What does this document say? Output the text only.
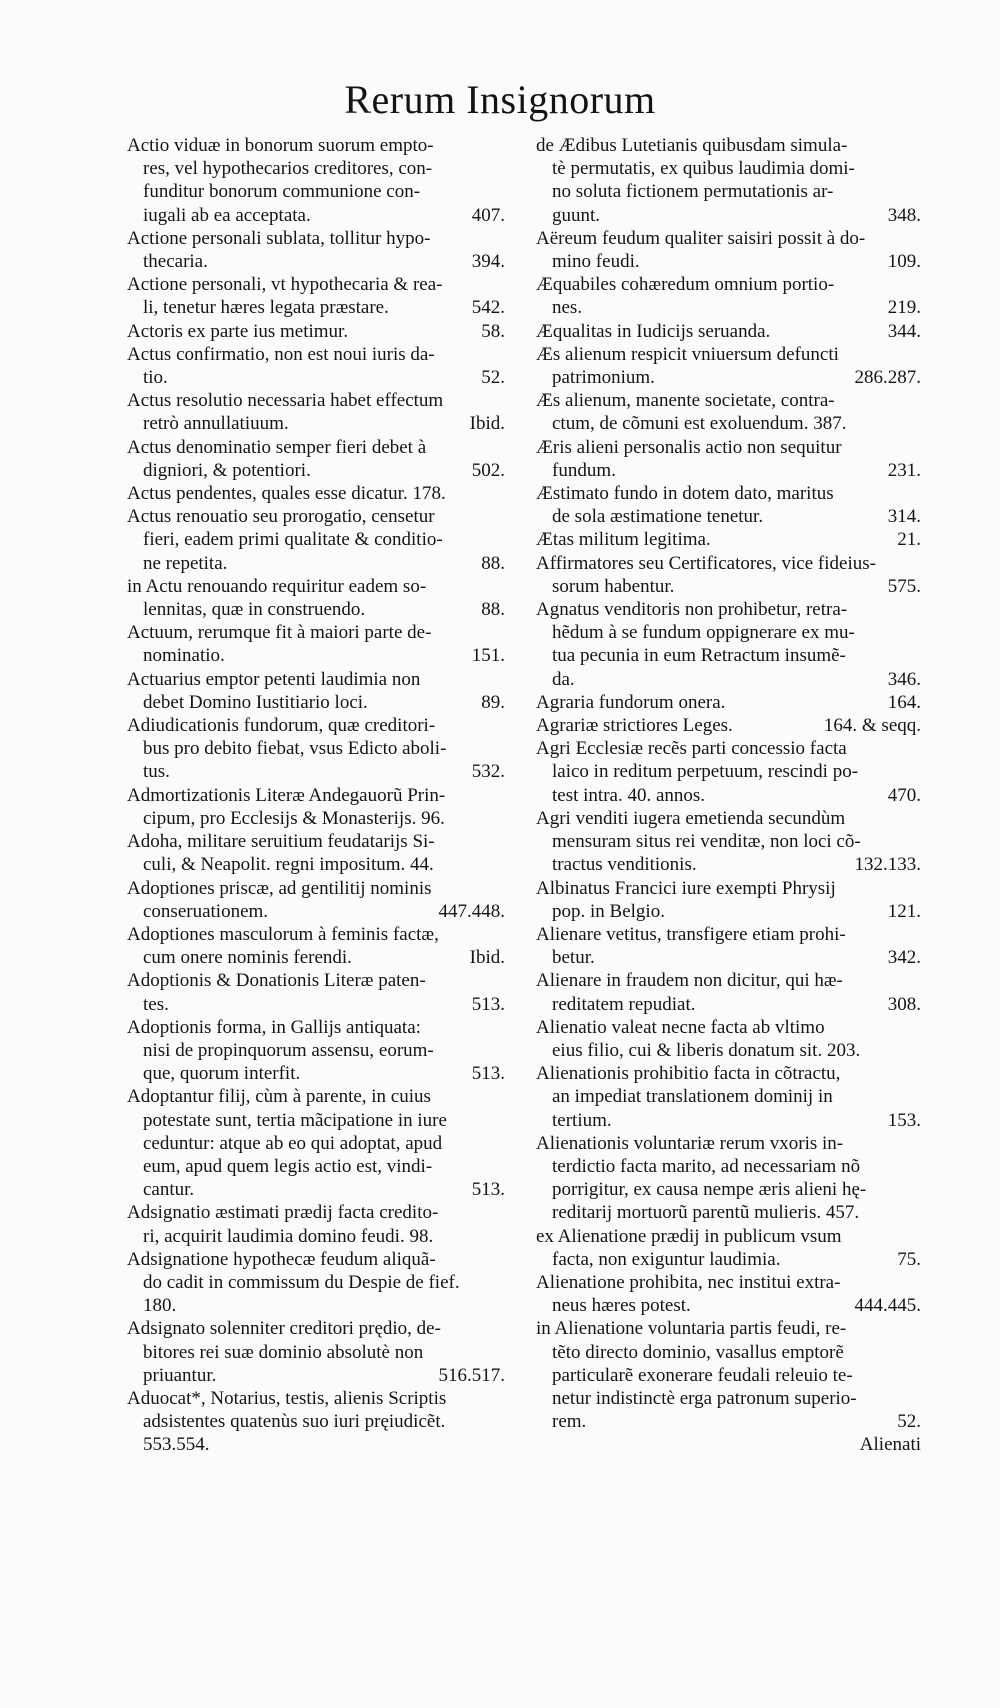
Rerum Insignorum
Actio viduæ in bonorum suorum empto-
res, vel hypothecarios creditores, con-
funditur bonorum communione con-
iugali ab ea acceptata.	407.
Actione personali sublata, tollitur hypo-
thecaria.	394.
Actione personali, vt hypothecaria & rea-
li, tenetur hæres legata præstare.	542.
Actoris ex parte ius metimur.	58.
Actus confirmatio, non est noui iuris da-
tio.	52.
Actus resolutio necessaria habet effectum
retrò annullatiuum.	Ibid.
Actus denominatio semper fieri debet à
digniori, & potentiori.	502.
Actus pendentes, quales esse dicatur. 178.
Actus renouatio seu prorogatio, censetur
fieri, eadem primi qualitate & conditio-
ne repetita.	88.
in Actu renouando requiritur eadem so-
lennitas, quæ in construendo.	88.
Actuum, rerumque fit à maiori parte de-
nominatio.	151.
Actuarius emptor petenti laudimia non
debet Domino Iustitiario loci.	89.
Adiudicationis fundorum, quæ creditori-
bus pro debito fiebat, vsus Edicto aboli-
tus.	532.
Admortizationis Literæ Andegauorũ Prin-
cipum, pro Ecclesijs & Monasterijs. 96.
Adoha, militare seruitium feudatarijs Si-
culi, & Neapolit. regni impositum. 44.
Adoptiones priscæ, ad gentilitij nominis
conseruationem.	447.448.
Adoptiones masculorum à feminis factæ,
cum onere nominis ferendi.	Ibid.
Adoptionis & Donationis Literæ paten-
tes.	513.
Adoptionis forma, in Gallijs antiquata:
nisi de propinquorum assensu, eorum-
que, quorum interfit.	513.
Adoptantur filij, cùm à parente, in cuius
potestate sunt, tertia mãcipatione in iure
ceduntur: atque ab eo qui adoptat, apud
eum, apud quem legis actio est, vindi-
cantur.	513.
Adsignatio æstimati prædij facta credito-
ri, acquirit laudimia domino feudi. 98.
Adsignatione hypothecæ feudum aliquã-
do cadit in commissum du Despie de fief.
180.
Adsignato solenniter creditori prędio, de-
bitores rei suæ dominio absolutè non
priuantur.	516.517.
Aduocat*, Notarius, testis, alienis Scriptis
adsistentes quatenùs suo iuri pręiudicẽt.
553.554.
de Ædibus Lutetianis quibusdam simula-
tè permutatis, ex quibus laudimia domi-
no soluta fictionem permutationis ar-
guunt.	348.
Aëreum feudum qualiter saisiri possit à do-
mino feudi.	109.
Æquabiles cohæredum omnium portio-
nes.	219.
Æqualitas in Iudicijs seruanda.	344.
Æs alienum respicit vniuersum defuncti
patrimonium.	286.287.
Æs alienum, manente societate, contra-
ctum, de cõmuni est exoluendum. 387.
Æris alieni personalis actio non sequitur
fundum.	231.
Æstimato fundo in dotem dato, maritus
de sola æstimatione tenetur.	314.
Ætas militum legitima.	21.
Affirmatores seu Certificatores, vice fideius-
sorum habentur.	575.
Agnatus venditoris non prohibetur, retra-
hẽdum à se fundum oppignerare ex mu-
tua pecunia in eum Retractum insumẽ-
da.	346.
Agraria fundorum onera.	164.
Agrariæ strictiores Leges.	164. & seqq.
Agri Ecclesiæ recẽs parti concessio facta
laico in reditum perpetuum, rescindi po-
test intra. 40. annos.	470.
Agri venditi iugera emetienda secundùm
mensuram situs rei venditæ, non loci cõ-
tractus venditionis.	132.133.
Albinatus Francici iure exempti Phrysij
pop. in Belgio.	121.
Alienare vetitus, transfigere etiam prohi-
betur.	342.
Alienare in fraudem non dicitur, qui hæ-
reditatem repudiat.	308.
Alienatio valeat necne facta ab vltimo
eius filio, cui & liberis donatum sit. 203.
Alienationis prohibitio facta in cõtractu,
an impediat translationem dominij in
tertium.	153.
Alienationis voluntariæ rerum vxoris in-
terdictio facta marito, ad necessariam nõ
porrigitur, ex causa nempe æris alieni hę-
reditarij mortuorũ parentũ mulieris. 457.
ex Alienatione prædij in publicum vsum
facta, non exiguntur laudimia.	75.
Alienatione prohibita, nec institui extra-
neus hæres potest.	444.445.
in Alienatione voluntaria partis feudi, re-
tẽto directo dominio, vasallus emptorẽ
particularẽ exonerare feudali releuio te-
netur indistinctè erga patronum superio-
rem.	52.
Alienati
